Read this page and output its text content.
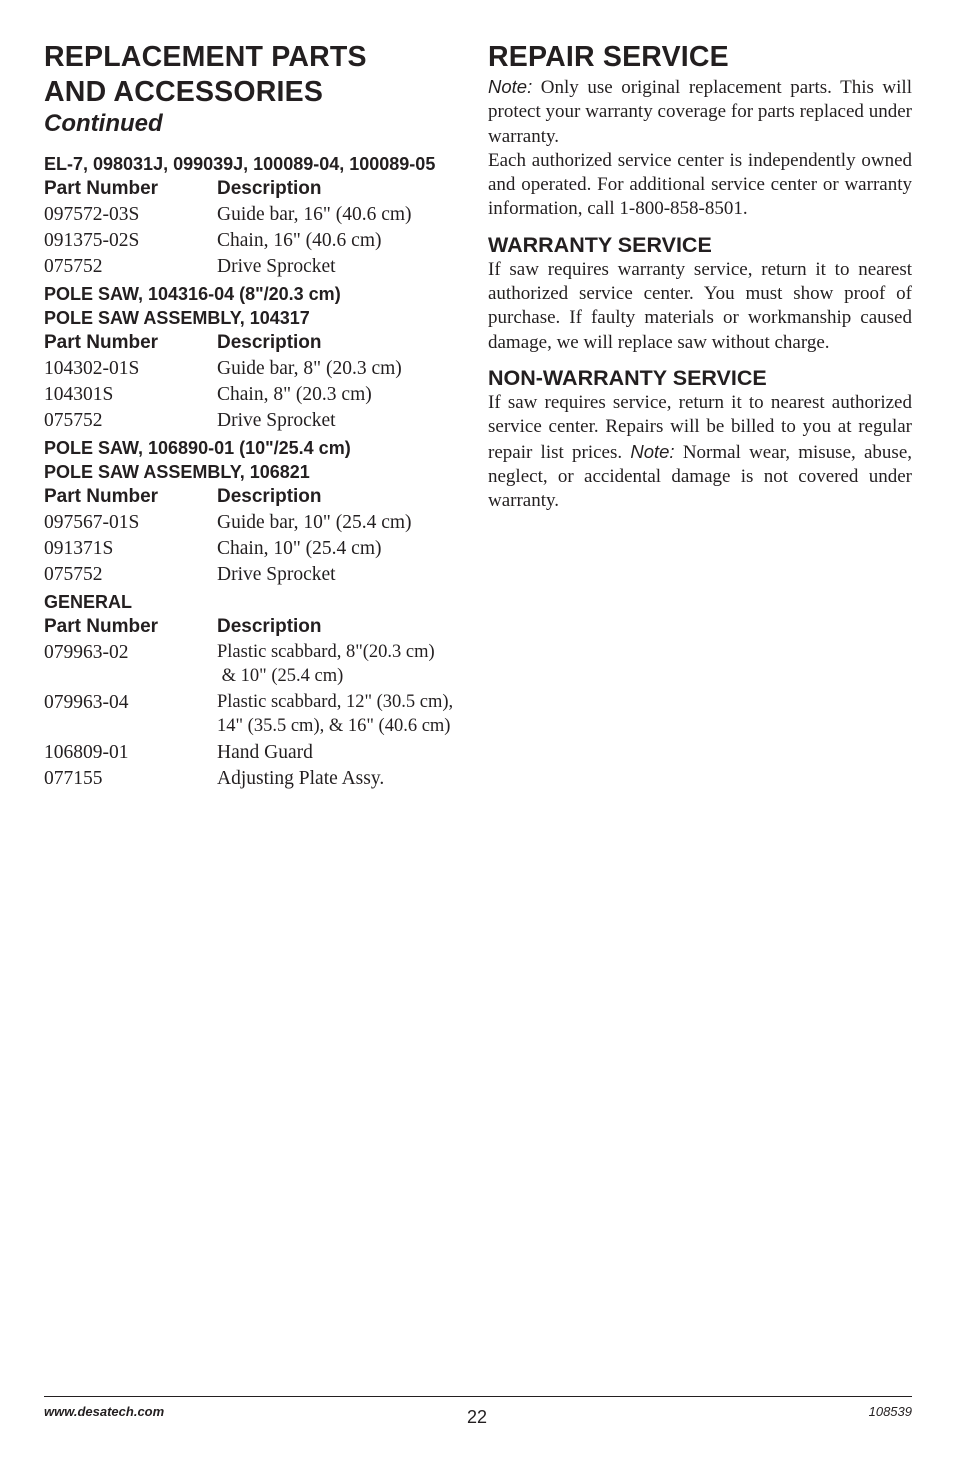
REPLACEMENT PARTS
AND ACCESSORIES
Continued
EL-7, 098031J, 099039J, 100089-04, 100089-05
Part Number	Description
097572-03S	Guide bar, 16" (40.6 cm)
091375-02S	Chain, 16" (40.6 cm)
075752	Drive Sprocket
POLE SAW, 104316-04 (8"/20.3 cm)
POLE SAW ASSEMBLY, 104317
Part Number	Description
104302-01S	Guide bar, 8" (20.3 cm)
104301S	Chain, 8" (20.3 cm)
075752	Drive Sprocket
POLE SAW, 106890-01 (10"/25.4 cm)
POLE SAW ASSEMBLY, 106821
Part Number	Description
097567-01S	Guide bar, 10" (25.4 cm)
091371S	Chain, 10" (25.4 cm)
075752	Drive Sprocket
GENERAL
Part Number	Description
079963-02	Plastic scabbard, 8"(20.3 cm)
& 10" (25.4 cm)
079963-04	Plastic scabbard, 12" (30.5 cm),
14" (35.5 cm), & 16" (40.6 cm)
106809-01	Hand Guard
077155	Adjusting Plate Assy.
REPAIR SERVICE

Note: Only use original replacement parts. This will protect your warranty coverage for parts replaced under warranty.

Each authorized service center is independently owned and operated. For additional service center or warranty information, call 1-800-858-8501.

WARRANTY SERVICE

If saw requires warranty service, return it to nearest authorized service center. You must show proof of purchase. If faulty materials or workmanship caused damage, we will replace saw without charge.

NON-WARRANTY SERVICE

If saw requires service, return it to nearest authorized service center. Repairs will be billed to you at regular repair list prices. Note: Normal wear, misuse, abuse, neglect, or accidental damage is not covered under warranty.

www.desatech.com	22	108539
